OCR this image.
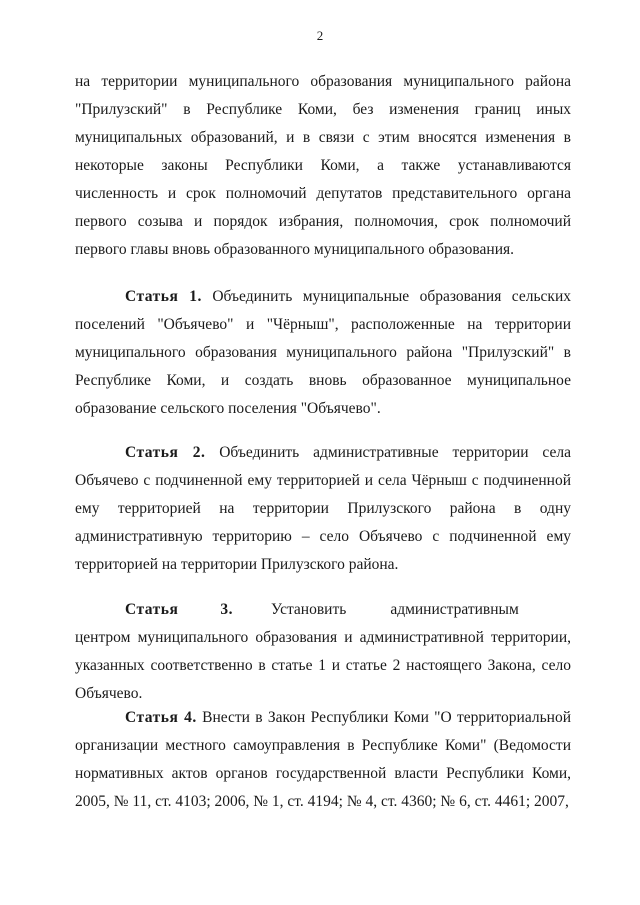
2
на территории муниципального образования муниципального района "Прилузский" в Республике Коми, без изменения границ иных муниципальных образований, и в связи с этим вносятся изменения в некоторые законы Республики Коми, а также устанавливаются численность и срок полномочий депутатов представительного органа первого созыва и порядок избрания, полномочия, срок полномочий первого главы вновь образованного муниципального образования.
Статья 1. Объединить муниципальные образования сельских поселений "Объячево" и "Чёрныш", расположенные на территории муниципального образования муниципального района "Прилузский" в Республике Коми, и создать вновь образованное муниципальное образование сельского поселения "Объячево".
Статья 2. Объединить административные территории села Объячево с подчиненной ему территорией и села Чёрныш с подчиненной ему территорией на территории Прилузского района в одну административную территорию – село Объячево с подчиненной ему территорией на территории Прилузского района.
Статья	3. Установить	административнымцентром муниципального образования и административной территории, указанных соответственно в статье 1 и статье 2 настоящего Закона, село Объячево.
Статья 4. Внести в Закон Республики Коми "О территориальной организации местного самоуправления в Республике Коми" (Ведомости нормативных актов органов государственной власти Республики Коми, 2005, № 11, ст. 4103; 2006, № 1, ст. 4194; № 4, ст. 4360; № 6, ст. 4461; 2007,
